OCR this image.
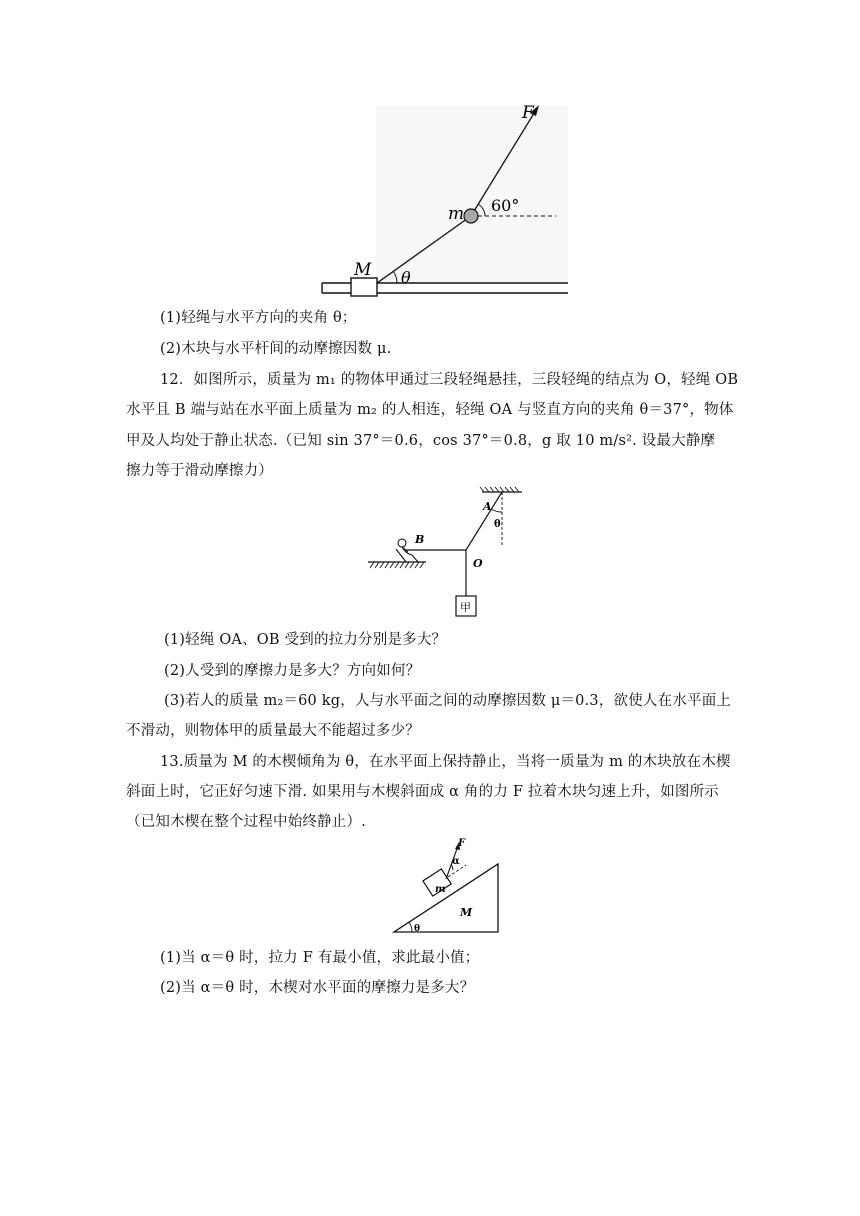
F
m 60°
M θ
(1)轻绳与水平方向的夹角 θ；
(2)木块与水平杆间的动摩擦因数 μ.
12．如图所示，质量为 m₁ 的物体甲通过三段轻绳悬挂，三段轻绳的结点为 O，轻绳 OB
水平且 B 端与站在水平面上质量为 m₂ 的人相连，轻绳 OA 与竖直方向的夹角 θ＝37°，物体
甲及人均处于静止状态.（已知 sin 37°＝0.6，cos 37°＝0.8，g 取 10 m/s². 设最大静摩
擦力等于滑动摩擦力）
A
B
O
θ
甲
(1)轻绳 OA、OB 受到的拉力分别是多大？
(2)人受到的摩擦力是多大？方向如何？
(3)若人的质量 m₂＝60 kg，人与水平面之间的动摩擦因数 μ＝0.3，欲使人在水平面上
不滑动，则物体甲的质量最大不能超过多少？
13.质量为 M 的木楔倾角为 θ，在水平面上保持静止，当将一质量为 m 的木块放在木楔
斜面上时，它正好匀速下滑. 如果用与木楔斜面成 α 角的力 F 拉着木块匀速上升，如图所示
（已知木楔在整个过程中始终静止）.
F
α
m
M
θ
(1)当 α＝θ 时，拉力 F 有最小值，求此最小值；
(2)当 α＝θ 时，木楔对水平面的摩擦力是多大？
